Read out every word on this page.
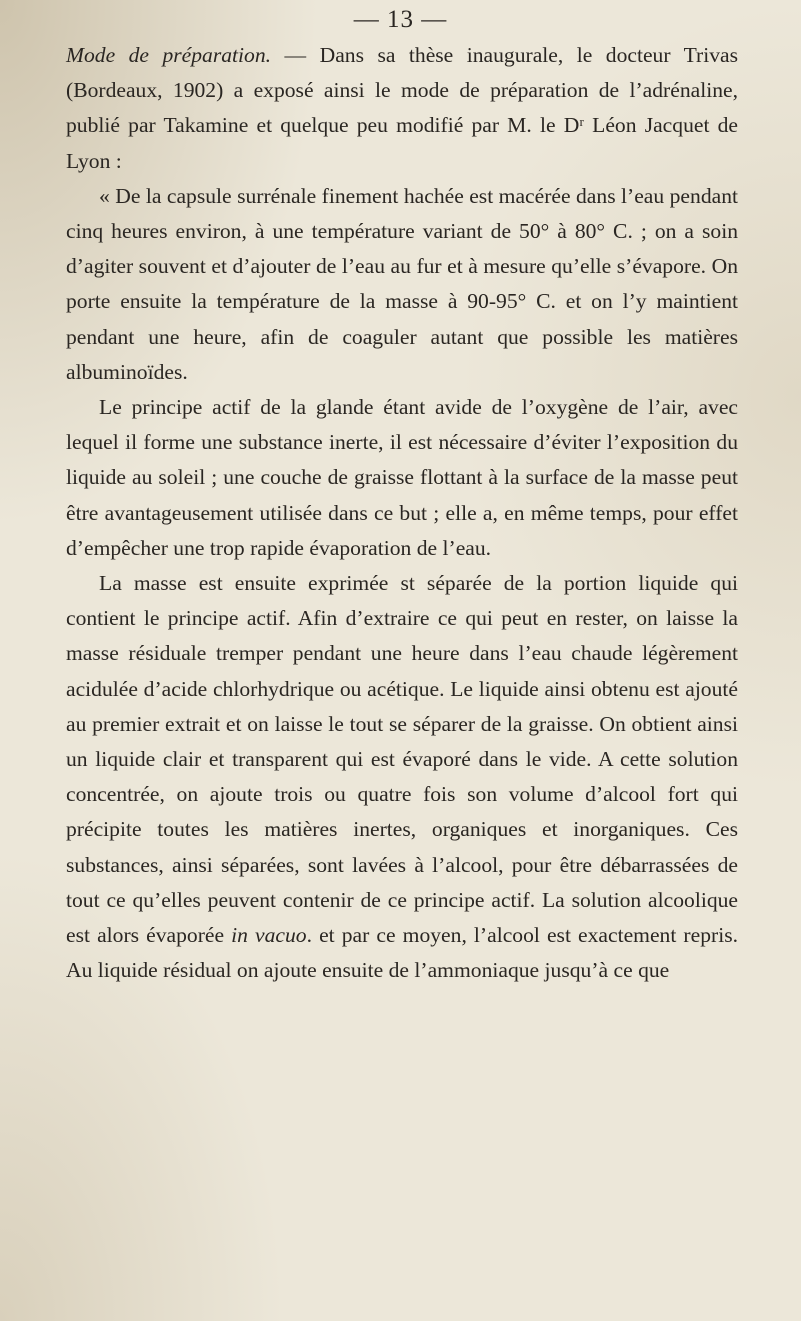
— 13 —

Mode de préparation. — Dans sa thèse inaugurale, le docteur Trivas (Bordeaux, 1902) a exposé ainsi le mode de préparation de l’adrénaline, publié par Takamine et quelque peu modifié par M. le Dʳ Léon Jacquet de Lyon :

« De la capsule surrénale finement hachée est macérée dans l’eau pendant cinq heures environ, à une température variant de 50° à 80° C. ; on a soin d’agiter souvent et d’ajouter de l’eau au fur et à mesure qu’elle s’évapore. On porte ensuite la température de la masse à 90-95° C. et on l’y maintient pendant une heure, afin de coaguler autant que possible les matières albuminoïdes.

Le principe actif de la glande étant avide de l’oxygène de l’air, avec lequel il forme une substance inerte, il est nécessaire d’éviter l’exposition du liquide au soleil ; une couche de graisse flottant à la surface de la masse peut être avantageusement utilisée dans ce but ; elle a, en même temps, pour effet d’empêcher une trop rapide évaporation de l’eau.

La masse est ensuite exprimée st séparée de la portion liquide qui contient le principe actif. Afin d’extraire ce qui peut en rester, on laisse la masse résiduale tremper pendant une heure dans l’eau chaude légèrement acidulée d’acide chlorhydrique ou acétique. Le liquide ainsi obtenu est ajouté au premier extrait et on laisse le tout se séparer de la graisse. On obtient ainsi un liquide clair et transparent qui est évaporé dans le vide. A cette solution concentrée, on ajoute trois ou quatre fois son volume d’alcool fort qui précipite toutes les matières inertes, organiques et inorganiques. Ces substances, ainsi séparées, sont lavées à l’alcool, pour être débarrassées de tout ce qu’elles peuvent contenir de ce principe actif. La solution alcoolique est alors évaporée in vacuo. et par ce moyen, l’alcool est exactement repris. Au liquide résidual on ajoute ensuite de l’ammoniaque jusqu’à ce que
